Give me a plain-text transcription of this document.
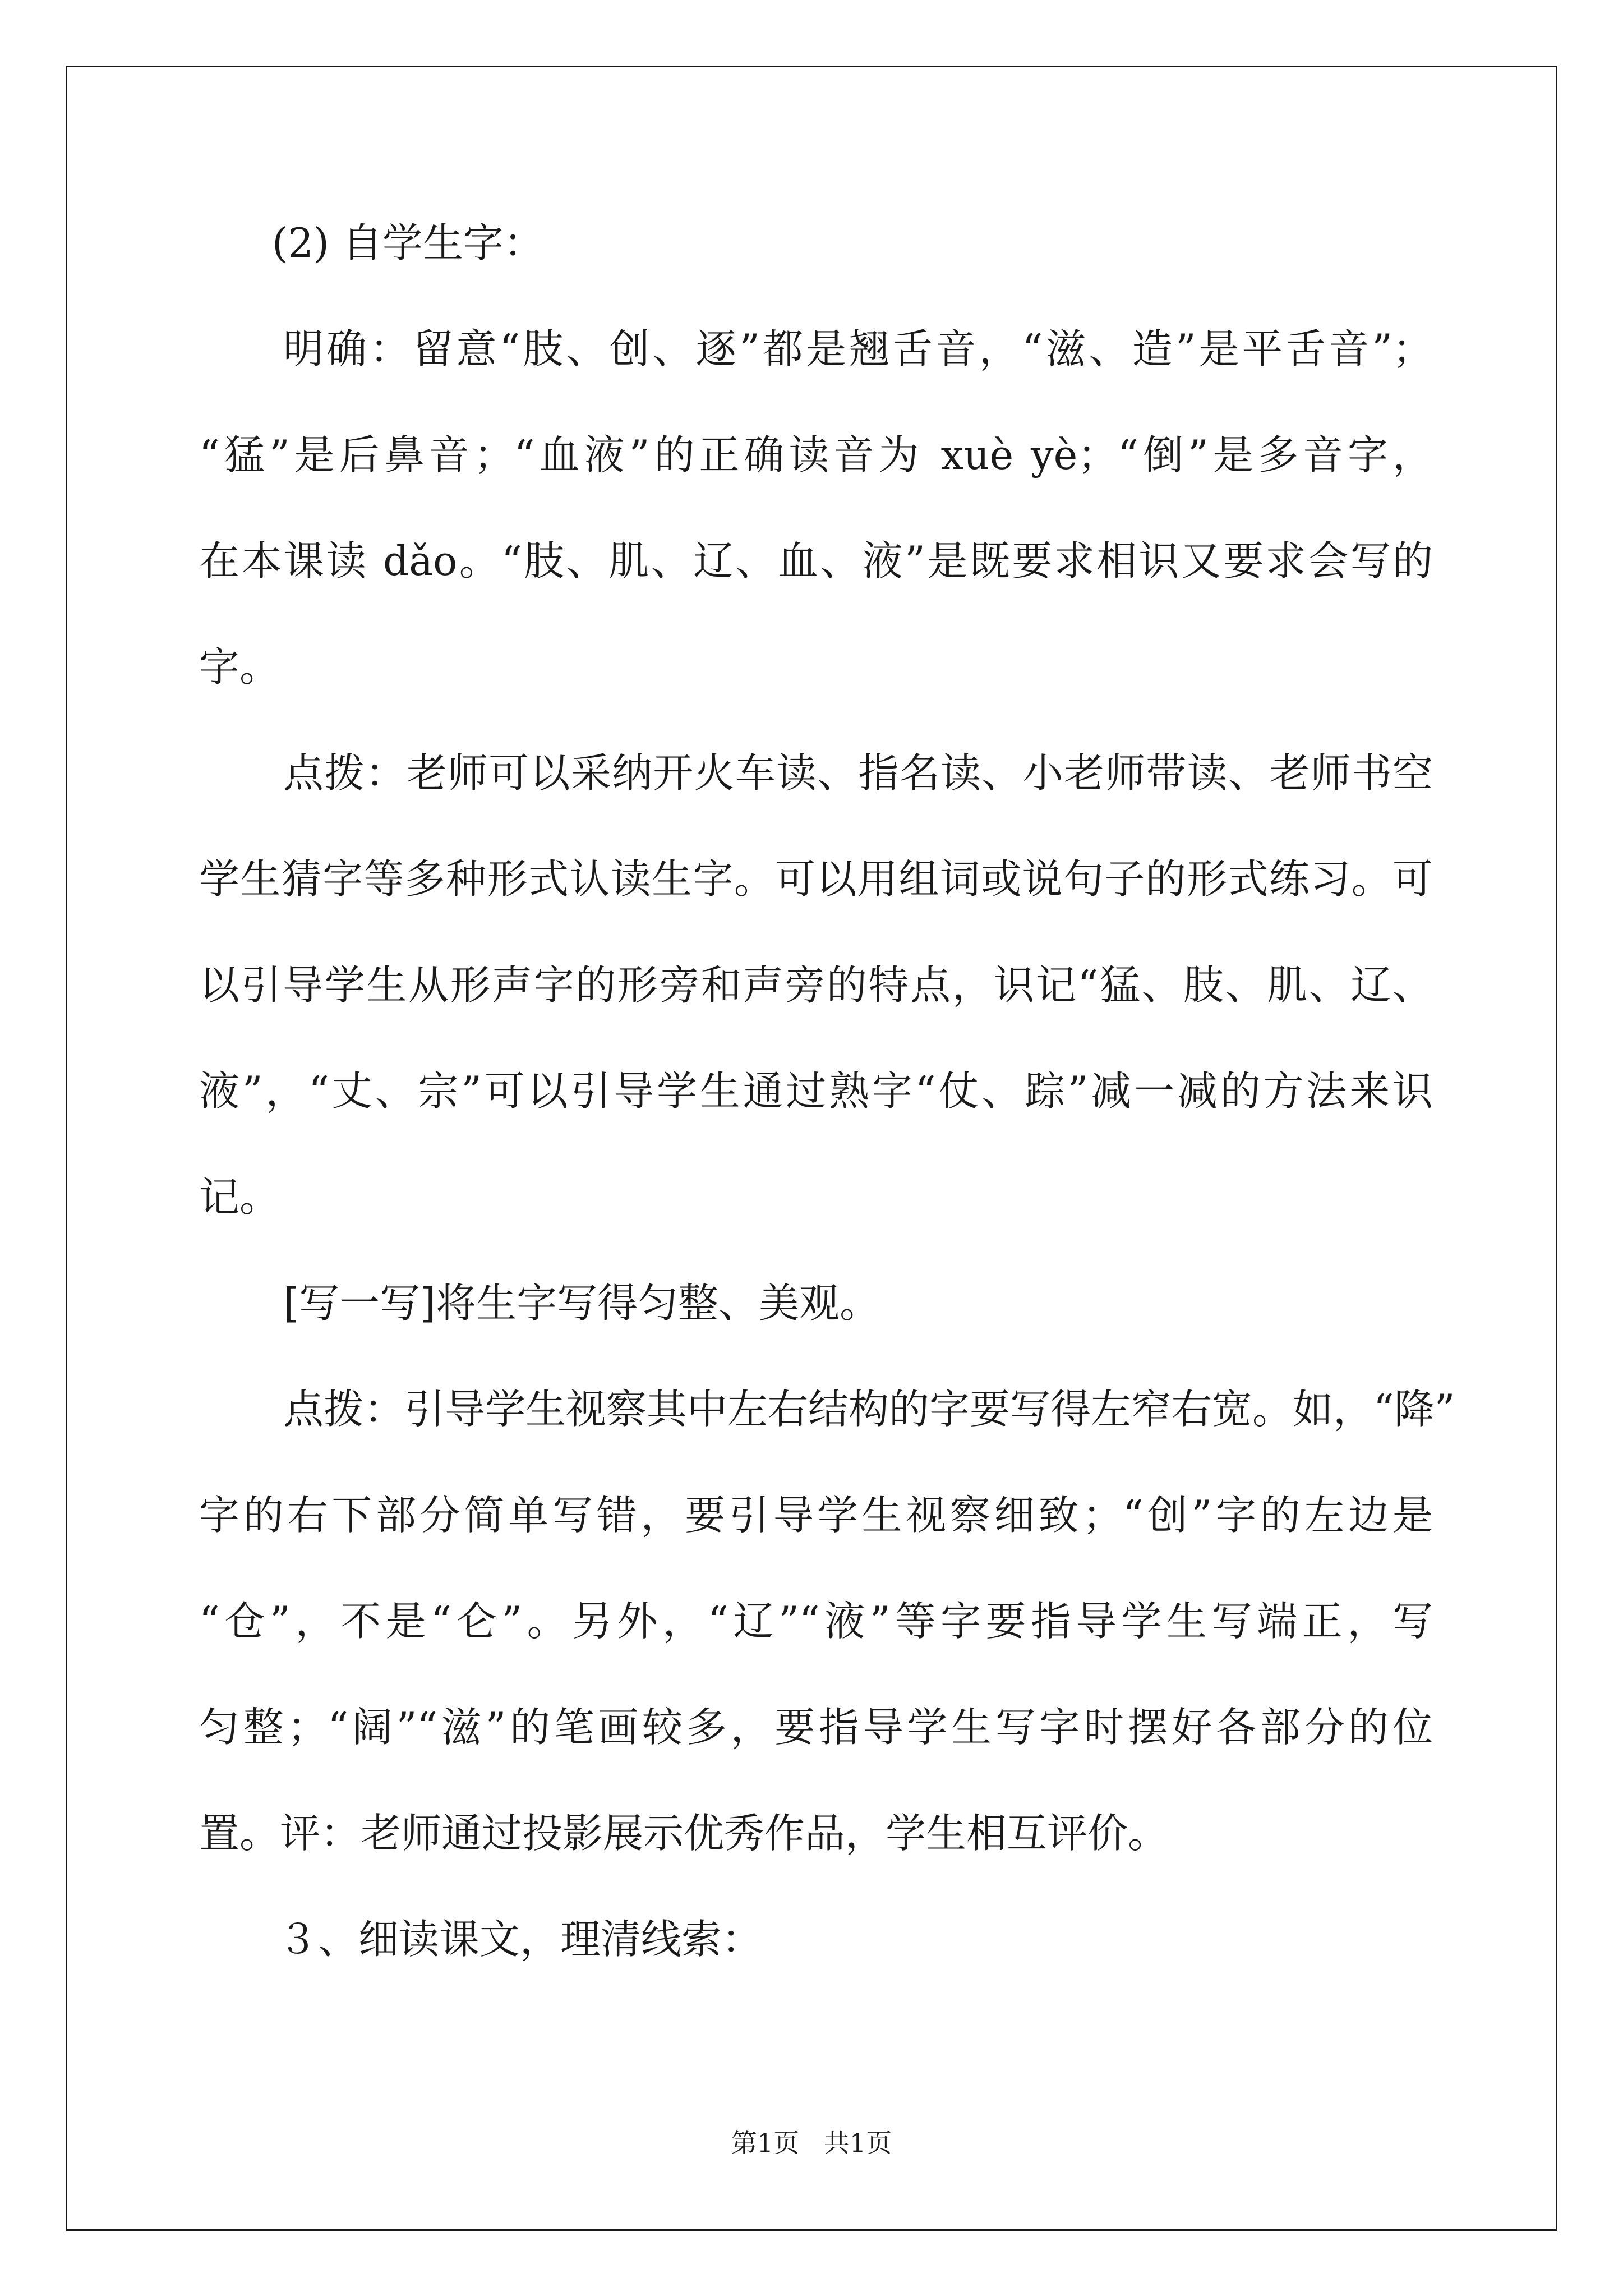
(2) 自学生字：
明确：留意“肢、创、逐”都是翘舌音，“滋、造”是平舌音”；
“猛”是后鼻音；“血液”的正确读音为 xuè yè；“倒”是多音字，
在本课读 dǎo。“肢、肌、辽、血、液”是既要求相识又要求会写的
字。
点拨：老师可以采纳开火车读、指名读、小老师带读、老师书空
学生猜字等多种形式认读生字。可以用组词或说句子的形式练习。可
以引导学生从形声字的形旁和声旁的特点，识记“猛、肢、肌、辽、
液”，“丈、宗”可以引导学生通过熟字“仗、踪”减一减的方法来识
记。
[写一写]将生字写得匀整、美观。
点拨：引导学生视察其中左右结构的字要写得左窄右宽。如，“降”
字的右下部分简单写错，要引导学生视察细致；“创”字的左边是
“仓”，不是“仑”。另外，“辽”“液”等字要指导学生写端正，写
匀整；“阔”“滋”的笔画较多，要指导学生写字时摆好各部分的位
置。评：老师通过投影展示优秀作品，学生相互评价。
３、细读课文，理清线索：
第1页   共1页
